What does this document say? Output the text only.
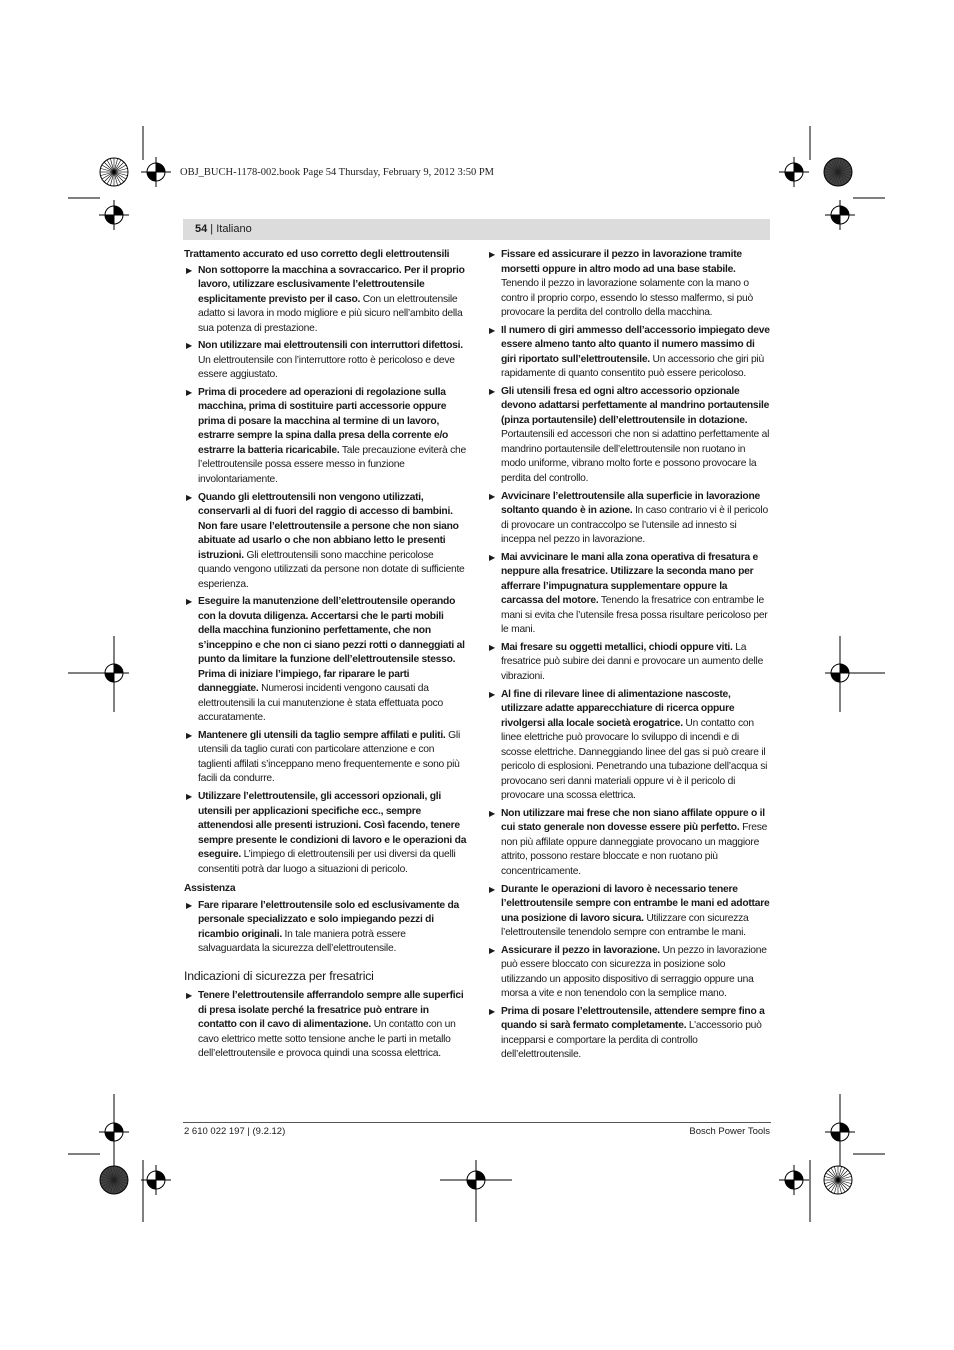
OBJ_BUCH-1178-002.book Page 54 Thursday, February 9, 2012 3:50 PM
54 | Italiano
Trattamento accurato ed uso corretto degli elettroutensili
▶ Non sottoporre la macchina a sovraccarico. Per il proprio lavoro, utilizzare esclusivamente l’elettroutensile esplicitamente previsto per il caso. Con un elettroutensile adatto si lavora in modo migliore e più sicuro nell’ambito della sua potenza di prestazione.
▶ Non utilizzare mai elettroutensili con interruttori difettosi. Un elettroutensile con l’interruttore rotto è pericoloso e deve essere aggiustato.
▶ Prima di procedere ad operazioni di regolazione sulla macchina, prima di sostituire parti accessorie oppure prima di posare la macchina al termine di un lavoro, estrarre sempre la spina dalla presa della corrente e/o estrarre la batteria ricaricabile. Tale precauzione eviterà che l’elettroutensile possa essere messo in funzione involontariamente.
▶ Quando gli elettroutensili non vengono utilizzati, conservarli al di fuori del raggio di accesso di bambini. Non fare usare l’elettroutensile a persone che non siano abituate ad usarlo o che non abbiano letto le presenti istruzioni. Gli elettroutensili sono macchine pericolose quando vengono utilizzati da persone non dotate di sufficiente esperienza.
▶ Eseguire la manutenzione dell’elettroutensile operando con la dovuta diligenza. Accertarsi che le parti mobili della macchina funzionino perfettamente, che non s’inceppino e che non ci siano pezzi rotti o danneggiati al punto da limitare la funzione dell’elettroutensile stesso. Prima di iniziare l’impiego, far riparare le parti danneggiate. Numerosi incidenti vengono causati da elettroutensili la cui manutenzione è stata effettuata poco accuratamente.
▶ Mantenere gli utensili da taglio sempre affilati e puliti. Gli utensili da taglio curati con particolare attenzione e con taglienti affilati s’inceppano meno frequentemente e sono più facili da condurre.
▶ Utilizzare l’elettroutensile, gli accessori opzionali, gli utensili per applicazioni specifiche ecc., sempre attenendosi alle presenti istruzioni. Così facendo, tenere sempre presente le condizioni di lavoro e le operazioni da eseguire. L’impiego di elettroutensili per usi diversi da quelli consentiti potrà dar luogo a situazioni di pericolo.
Assistenza
▶ Fare riparare l’elettroutensile solo ed esclusivamente da personale specializzato e solo impiegando pezzi di ricambio originali. In tale maniera potrà essere salvaguardata la sicurezza dell’elettroutensile.
Indicazioni di sicurezza per fresatrici
▶ Tenere l’elettroutensile afferrandolo sempre alle superfici di presa isolate perché la fresatrice può entrare in contatto con il cavo di alimentazione. Un contatto con un cavo elettrico mette sotto tensione anche le parti in metallo dell’elettroutensile e provoca quindi una scossa elettrica.
▶ Fissare ed assicurare il pezzo in lavorazione tramite morsetti oppure in altro modo ad una base stabile. Tenendo il pezzo in lavorazione solamente con la mano o contro il proprio corpo, essendo lo stesso malfermo, si può provocare la perdita del controllo della macchina.
▶ Il numero di giri ammesso dell’accessorio impiegato deve essere almeno tanto alto quanto il numero massimo di giri riportato sull’elettroutensile. Un accessorio che giri più rapidamente di quanto consentito può essere pericoloso.
▶ Gli utensili fresa ed ogni altro accessorio opzionale devono adattarsi perfettamente al mandrino portautensile (pinza portautensile) dell’elettroutensile in dotazione. Portautensili ed accessori che non si adattino perfettamente al mandrino portautensile dell’elettroutensile non ruotano in modo uniforme, vibrano molto forte e possono provocare la perdita del controllo.
▶ Avvicinare l’elettroutensile alla superficie in lavorazione soltanto quando è in azione. In caso contrario vi è il pericolo di provocare un contraccolpo se l’utensile ad innesto si inceppa nel pezzo in lavorazione.
▶ Mai avvicinare le mani alla zona operativa di fresatura e neppure alla fresatrice. Utilizzare la seconda mano per afferrare l’impugnatura supplementare oppure la carcassa del motore. Tenendo la fresatrice con entrambe le mani si evita che l’utensile fresa possa risultare pericoloso per le mani.
▶ Mai fresare su oggetti metallici, chiodi oppure viti. La fresatrice può subire dei danni e provocare un aumento delle vibrazioni.
▶ Al fine di rilevare linee di alimentazione nascoste, utilizzare adatte apparecchiature di ricerca oppure rivolgersi alla locale società erogatrice. Un contatto con linee elettriche può provocare lo sviluppo di incendi e di scosse elettriche. Danneggiando linee del gas si può creare il pericolo di esplosioni. Penetrando una tubazione dell’acqua si provocano seri danni materiali oppure vi è il pericolo di provocare una scossa elettrica.
▶ Non utilizzare mai frese che non siano affilate oppure o il cui stato generale non dovesse essere più perfetto. Frese non più affilate oppure danneggiate provocano un maggiore attrito, possono restare bloccate e non ruotano più concentricamente.
▶ Durante le operazioni di lavoro è necessario tenere l’elettroutensile sempre con entrambe le mani ed adottare una posizione di lavoro sicura. Utilizzare con sicurezza l’elettroutensile tenendolo sempre con entrambe le mani.
▶ Assicurare il pezzo in lavorazione. Un pezzo in lavorazione può essere bloccato con sicurezza in posizione solo utilizzando un apposito dispositivo di serraggio oppure una morsa a vite e non tenendolo con la semplice mano.
▶ Prima di posare l’elettroutensile, attendere sempre fino a quando si sarà fermato completamente. L’accessorio può incepparsi e comportare la perdita di controllo dell’elettroutensile.
2 610 022 197 | (9.2.12)	Bosch Power Tools
